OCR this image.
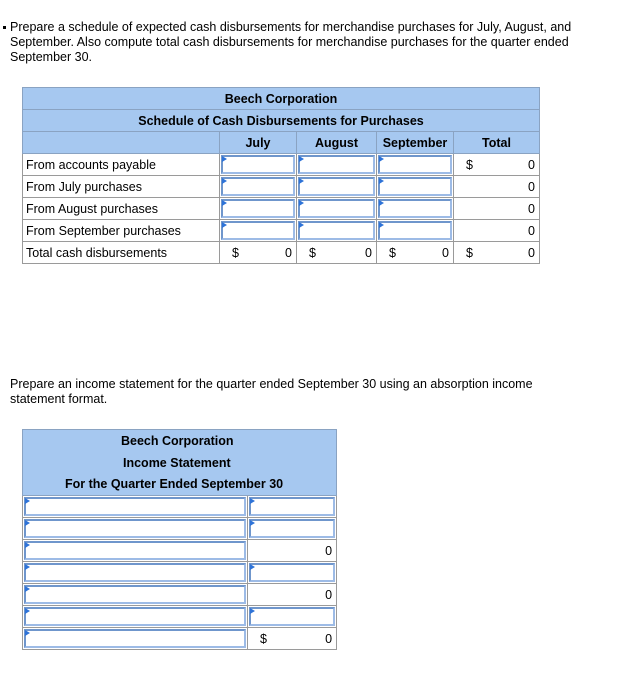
Prepare a schedule of expected cash disbursements for merchandise purchases for July, August, and September. Also compute total cash disbursements for merchandise purchases for the quarter ended September 30.
Beech Corporation				
Schedule of Cash Disbursements for Purchases				
	July	August	September	Total
From accounts payable				$ 0

From July purchases				0

From August purchases				0

From September purchases				0

Total cash disbursements	$ 0	$ 0	$ 0	$ 0
Prepare an income statement for the quarter ended September 30 using an absorption income statement format.
Beech Corporation	
Income Statement	
For the Quarter Ended September 30	

	0

	0

	$ 0
